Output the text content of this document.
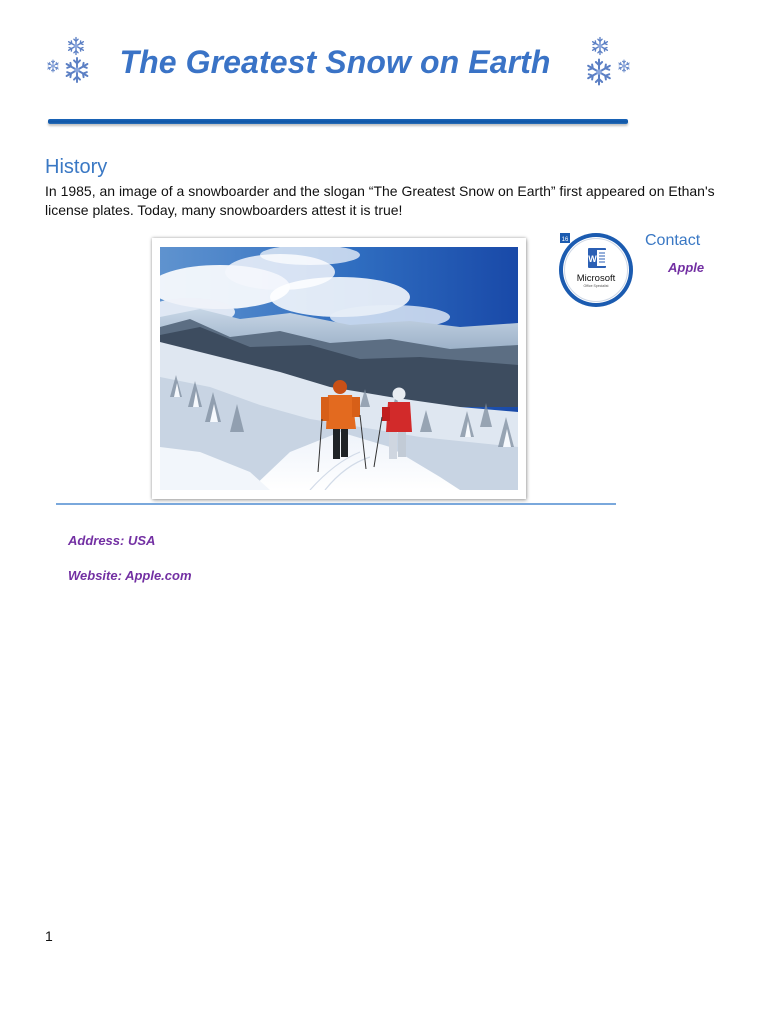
The Greatest Snow on Earth
History
In 1985, an image of a snowboarder and the slogan “The Greatest Snow on Earth” first appeared on Ethan's license plates. Today, many snowboarders attest it is true!
16
W
Microsoft
Office Specialist
Contact
Apple
Address: USA
Website: Apple.com
1
